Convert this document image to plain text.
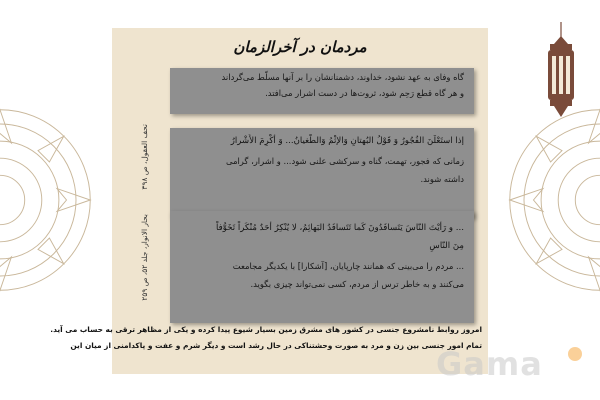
مردمان در آخرالزمان
گاه وفای به عهد نشود، خداوند، دشمنانشان را بر آنها مسلّط می‌گرداند
و هر گاه قطع رَحِم شود، ثروت‌ها در دست اشرار می‌افتد.
إذا استَعْلَنَ الفُجُورُ وَ قَوْلُ البُهتانِ وَالإثْمُ وَالطُّغيانُ... وَ أَكْرِمَ الأَشْرارُ
زمانی که فجور، تهمت، گناه و سرکشی علنی شود... و اشرار، گرامی
داشته شوند.
... و رَأَيْتَ النّاسَ يَتَسافَدُونَ كَما تَتَسافَدُ البَهائِمُ، لا يُنْكِرُ أَحَدٌ مُنْكَراً تَخَوُّفاً
مِنَ النّاسِ
... مردم را می‌بینی که همانند چارپایان، [آشکارا] با یکدیگر مجامعت
می‌کنند و به خاطر ترس از مردم، کسی نمی‌تواند چیزی بگوید.
تحف العقول، ص ۳۹۸
بحار الانوار، جلد ۵۲، ص ۲۵۹
امروز روابط نامشروع جنسی در کشور های مشرق زمین بسیار شیوع پیدا کرده و یکی از مظاهر ترقی به حساب می آید.
تمام امور جنسی بین زن و مرد به صورت وحشتناکی در حال رشد است و دیگر شرم و عفت و پاکدامنی از میان این
Gama
